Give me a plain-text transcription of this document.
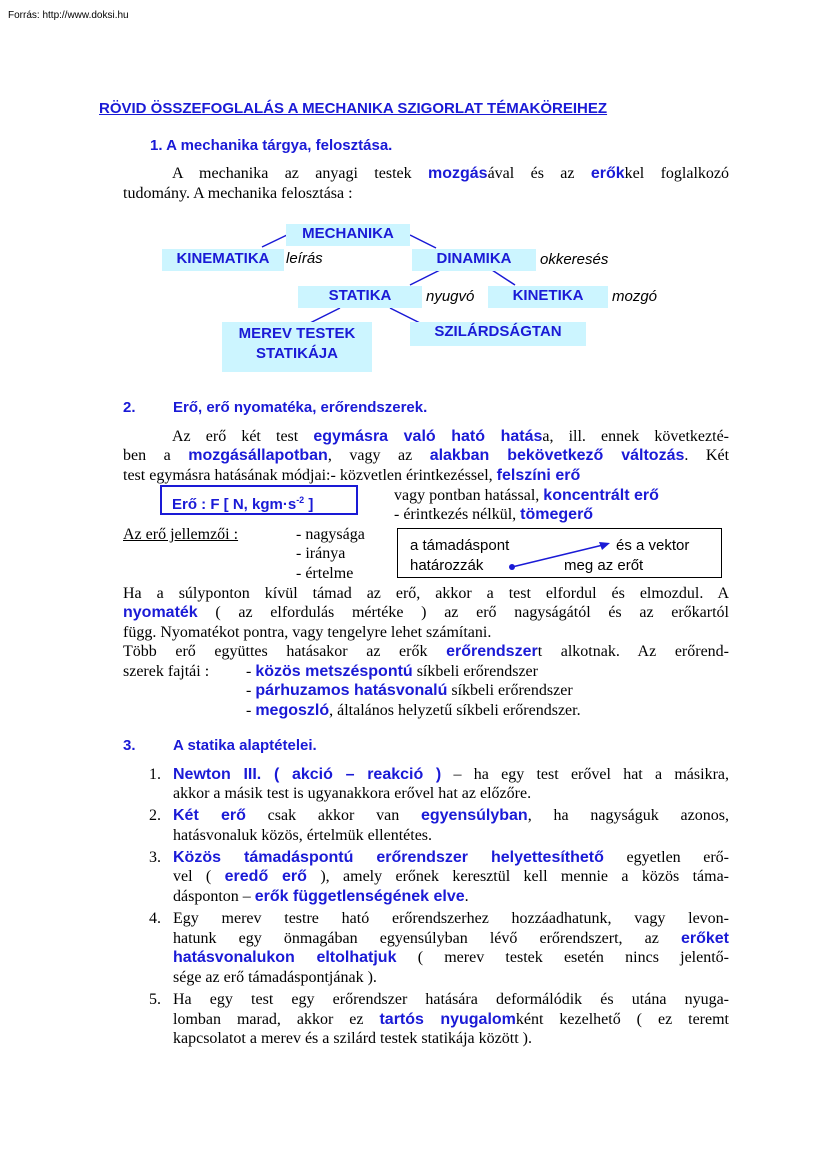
Forrás: http://www.doksi.hu
RÖVID ÖSSZEFOGLALÁS A MECHANIKA SZIGORLAT TÉMAKÖREIHEZ
1. A mechanika tárgya, felosztása.
A mechanika az anyagi testek mozgásával és az erőkkel foglalkozó
tudomány. A mechanika felosztása :
MECHANIKA
KINEMATIKA	leírás	DINAMIKA	okkeresés
STATIKA	nyugvó	KINETIKA	mozgó
MEREV TESTEK
STATIKÁJA
SZILÁRDSÁGTAN
2. Erő, erő nyomatéka, erőrendszerek.
Az erő két test egymásra való ható hatása, ill. ennek következté-
ben a mozgásállapotban, vagy az alakban bekövetkező változás. Két
test egymásra hatásának módjai:- közvetlen érintkezéssel, felszíni erő
vagy pontban hatással, koncentrált erő
- érintkezés nélkül, tömegerő
Erő : F [ N, $kgm\cdot s^{-2}$ ]
Az erő jellemzői :	- nagysága
- iránya
- értelme
a támadáspont	és a vektor
határozzák	meg az erőt
Ha a súlyponton kívül támad az erő, akkor a test elfordul és elmozdul. A
nyomaték ( az elfordulás mértéke ) az erő nagyságától és az erőkartól
függ. Nyomatékot pontra, vagy tengelyre lehet számítani.
Több erő együttes hatásakor az erők erőrendszert alkotnak. Az erőrend-
szerek fajtái : - közös metszéspontú síkbeli erőrendszer
- párhuzamos hatásvonalú síkbeli erőrendszer
- megoszló, általános helyzetű síkbeli erőrendszer.
3. A statika alaptételei.
1. Newton III. ( akció – reakció ) – ha egy test erővel hat a másikra,
akkor a másik test is ugyanakkora erővel hat az előzőre.
2. Két erő csak akkor van egyensúlyban, ha nagyságuk azonos,
hatásvonaluk közös, értelmük ellentétes.
3. Közös támadáspontú erőrendszer helyettesíthető egyetlen erő-
vel ( eredő erő ), amely erőnek keresztül kell mennie a közös táma-
dásponton – erők függetlenségének elve.
4. Egy merev testre ható erőrendszerhez hozzáadhatunk, vagy levon-
hatunk egy önmagában egyensúlyban lévő erőrendszert, az erőket
hatásvonalukon eltolhatjuk ( merev testek esetén nincs jelentő-
sége az erő támadáspontjának ).
5. Ha egy test egy erőrendszer hatására deformálódik és utána nyuga-
lomban marad, akkor ez tartós nyugalomként kezelhető ( ez teremt
kapcsolatot a merev és a szilárd testek statikája között ).
